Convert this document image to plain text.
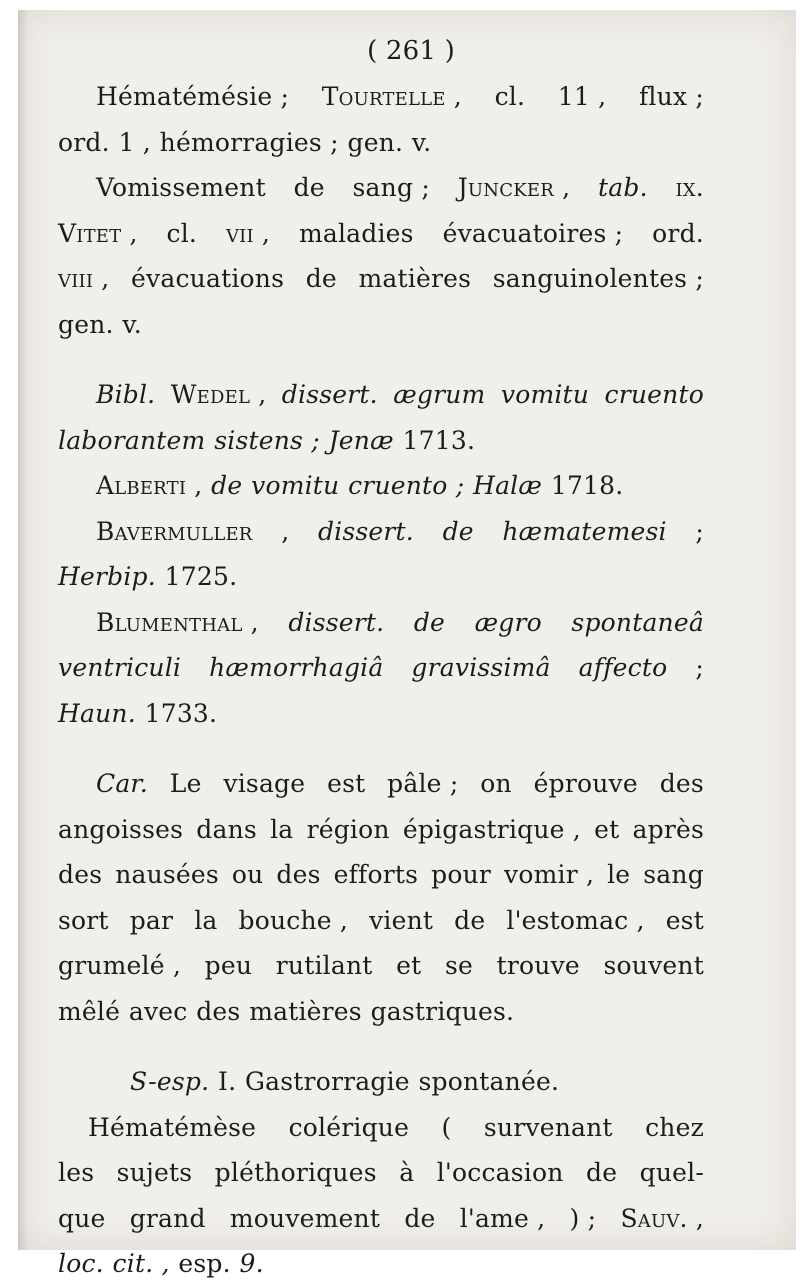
( 261 )
Hématémésie ; Tourtelle , cl. 11 , flux ;
ord. 1 , hémorragies ; gen. v.
Vomissement de sang ; Juncker , tab. ix.
Vitet , cl. vii , maladies évacuatoires ; ord.
viii , évacuations de matières sanguinolentes ;
gen. v.
Bibl. Wedel , dissert. ægrum vomitu cruento
laborantem sistens ; Jenæ 1713.
Alberti , de vomitu cruento ; Halæ 1718.
Bavermuller , dissert. de hæmatemesi ;
Herbip. 1725.
Blumenthal , dissert. de ægro spontaneâ
ventriculi hæmorrhagiâ gravissimâ affecto ;
Haun. 1733.
Car. Le visage est pâle ; on éprouve des
angoisses dans la région épigastrique , et après
des nausées ou des efforts pour vomir , le sang
sort par la bouche , vient de l'estomac , est
grumelé , peu rutilant et se trouve souvent
mêlé avec des matières gastriques.
S-esp. I. Gastrorragie spontanée.
Hématémèse colérique ( survenant chez
les sujets pléthoriques à l'occasion de quel-
que grand mouvement de l'ame , ) ; Sauv. ,
loc. cit. , esp. 9.
